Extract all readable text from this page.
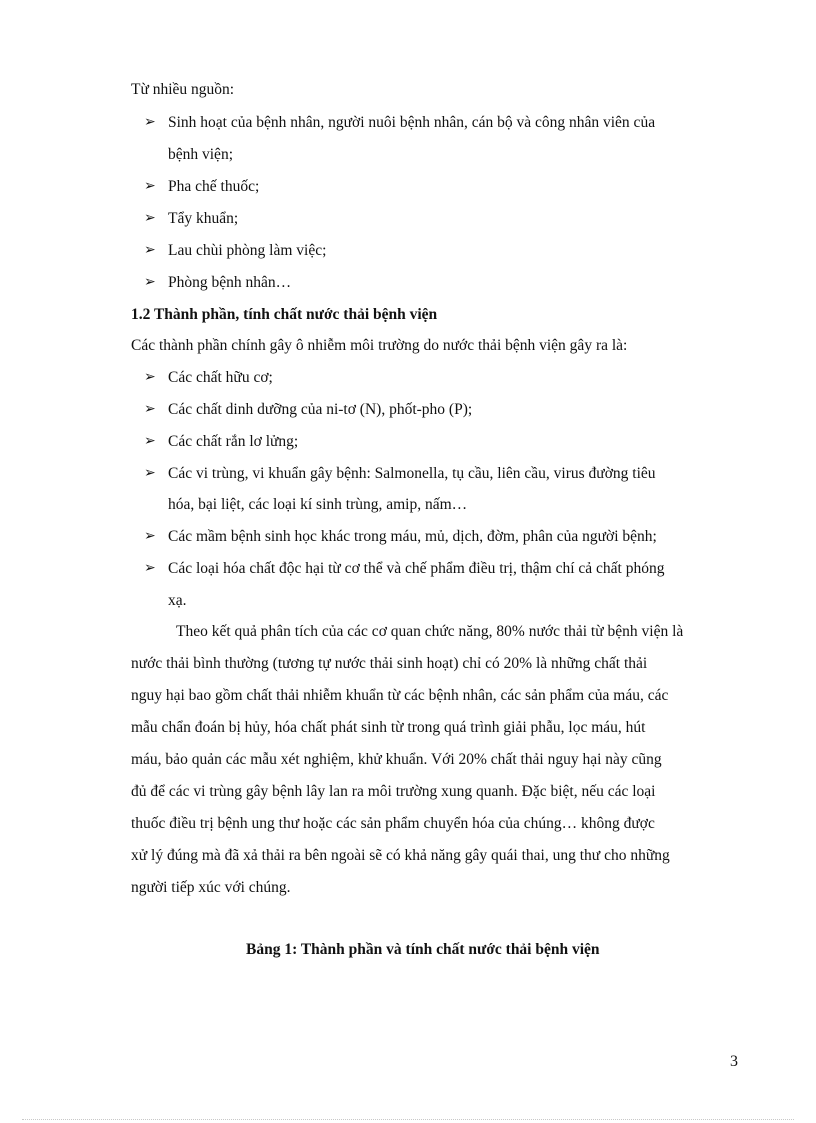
Từ nhiều nguồn:
➢ Sinh hoạt của bệnh nhân, người nuôi bệnh nhân, cán bộ và công nhân viên của
bệnh viện;
➢ Pha chế thuốc;
➢ Tẩy khuẩn;
➢ Lau chùi phòng làm việc;
➢ Phòng bệnh nhân…
1.2 Thành phần, tính chất nước thải bệnh viện
Các thành phần chính gây ô nhiễm môi trường do nước thải bệnh viện gây ra là:
➢ Các chất hữu cơ;
➢ Các chất dinh dưỡng của ni-tơ (N), phốt-pho (P);
➢ Các chất rắn lơ lửng;
➢ Các vi trùng, vi khuẩn gây bệnh: Salmonella, tụ cầu, liên cầu, virus đường tiêu
hóa, bại liệt, các loại kí sinh trùng, amip, nấm…
➢ Các mầm bệnh sinh học khác trong máu, mủ, dịch, đờm, phân của người bệnh;
➢ Các loại hóa chất độc hại từ cơ thể và chế phẩm điều trị, thậm chí cả chất phóng
xạ.
Theo kết quả phân tích của các cơ quan chức năng, 80% nước thải từ bệnh viện là
nước thải bình thường (tương tự nước thải sinh hoạt) chỉ có 20% là những chất thải
nguy hại bao gồm chất thải nhiễm khuẩn từ các bệnh nhân, các sản phẩm của máu, các
mẫu chẩn đoán bị hủy, hóa chất phát sinh từ trong quá trình giải phẫu, lọc máu, hút
máu, bảo quản các mẫu xét nghiệm, khử khuẩn. Với 20% chất thải nguy hại này cũng
đủ để các vi trùng gây bệnh lây lan ra môi trường xung quanh. Đặc biệt, nếu các loại
thuốc điều trị bệnh ung thư hoặc các sản phẩm chuyển hóa của chúng… không được
xử lý đúng mà đã xả thải ra bên ngoài sẽ có khả năng gây quái thai, ung thư cho những
người tiếp xúc với chúng.
Bảng 1: Thành phần và tính chất nước thải bệnh viện
3
